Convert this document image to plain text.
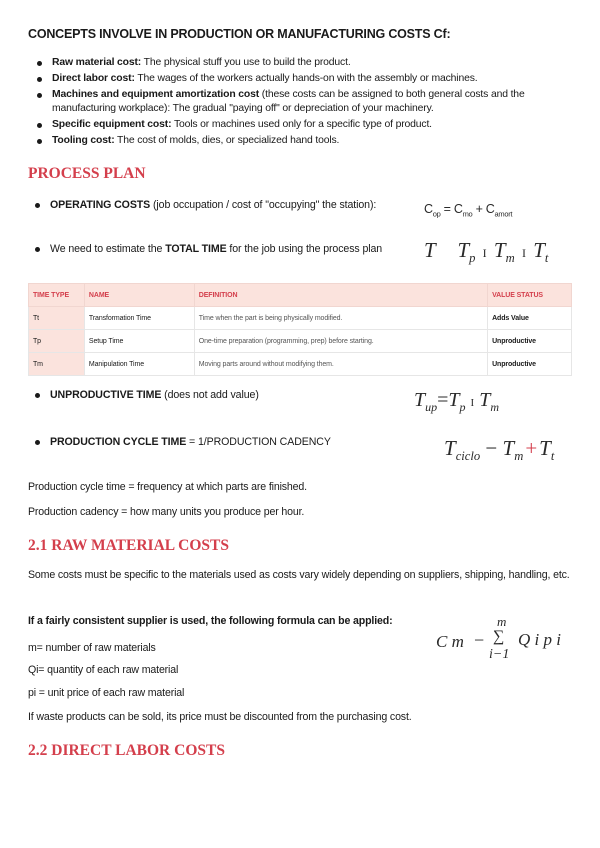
CONCEPTS INVOLVE IN PRODUCTION OR MANUFACTURING COSTS Cf:
Raw material cost: The physical stuff you use to build the product.
Direct labor cost: The wages of the workers actually hands-on with the assembly or machines.
Machines and equipment amortization cost (these costs can be assigned to both general costs and the manufacturing workplace): The gradual "paying off" or depreciation of your machinery.
Specific equipment cost: Tools or machines used only for a specific type of product.
Tooling cost: The cost of molds, dies, or specialized hand tools.
PROCESS PLAN
OPERATING COSTS (job occupation / cost of "occupying" the station):	$C_{op} = C_{mo} + C_{amort}$
We need to estimate the TOTAL TIME for the job using the process plan	T $T_p$ I $T_m$ I $T_t$
TIME TYPE	NAME	DEFINITION	VALUE STATUS
Tt	Transformation Time	Time when the part is being physically modified.	Adds Value
Tp	Setup Time	One-time preparation (programming, prep) before starting.	Unproductive
Tm	Manipulation Time	Moving parts around without modifying them.	Unproductive
UNPRODUCTIVE TIME (does not add value)	$T_{up}=T_p$ I $T_m$
PRODUCTION CYCLE TIME = 1/PRODUCTION CADENCY	$T_{ciclo} - T_m+T_t$
Production cycle time = frequency at which parts are finished.
Production cadency = how many units you produce per hour.
2.1 RAW MATERIAL COSTS
Some costs must be specific to the materials used as costs vary widely depending on suppliers, shipping, handling, etc.
If a fairly consistent supplier is used, the following formula can be applied:
m= number of raw materials
Qi= quantity of each raw material
pi = unit price of each raw material
C m −
m
∑
i−1
Q i p i
If waste products can be sold, its price must be discounted from the purchasing cost.
2.2 DIRECT LABOR COSTS
